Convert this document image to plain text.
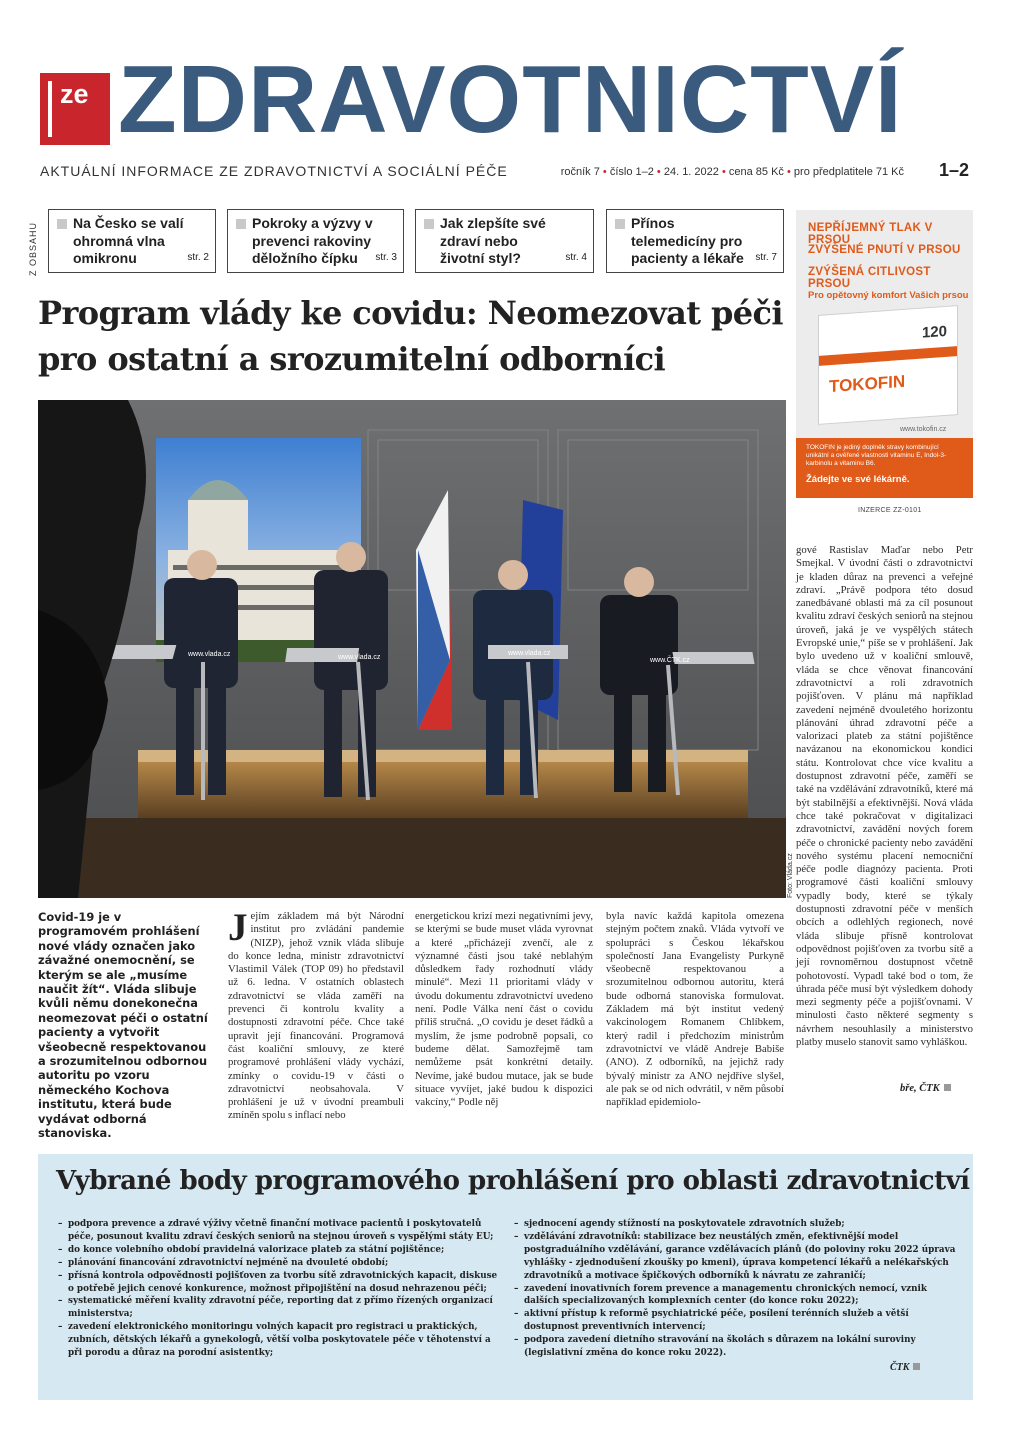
ze ZDRAVOTNICTVÍ
AKTUÁLNÍ INFORMACE ZE ZDRAVOTNICTVÍ A SOCIÁLNÍ PÉČE	ročník 7 • číslo 1–2 • 24. 1. 2022 • cena 85 Kč • pro předplatitele 71 Kč 1–2
Z OBSAHU	Na Česko se valí ohromná vlna omikronu	str. 2
Pokroky a výzvy v prevenci rakoviny děložního čípku	str. 3
Jak zlepšíte své zdraví nebo životní styl?	str. 4
Přínos telemedicíny pro pacienty a lékaře	str. 7
Program vlády ke covidu: Neomezovat péči pro ostatní a srozumitelní odborníci
NEPŘÍJEMNÝ TLAK V PRSOU
ZVÝŠENÉ PNUTÍ V PRSOU
ZVÝŠENÁ CITLIVOST PRSOU
Pro opětovný komfort Vašich prsou
120
TOKOFIN
www.tokofin.cz
TOKOFIN je jediný doplněk stravy kombinující unikátní a ověřené vlastnosti vitaminu E, Indol-3-karbinolu a vitaminu B6.
Žádejte ve své lékárně.
INZERCE ZZ-0101
www.vlada.cz	www.vlada.cz
www.vlada.cz
www.ČTK.cz
Foto: Vláda.cz
Covid-19 je v programovém prohlášení nové vlády označen jako závažné onemocnění, se kterým se ale „musíme naučit žít“. Vláda slibuje kvůli němu donekonečna neomezovat péči o ostatní pacienty a vytvořit všeobecně respektovanou a srozumitelnou odbornou autoritu po vzoru německého Kochova institutu, která bude vydávat odborná stanoviska.
Jejím základem má být Národní institut pro zvládání pandemie (NIZP), jehož vznik vláda slibuje do konce ledna, ministr zdravotnictví Vlastimil Válek (TOP 09) ho představil už 6. ledna. V ostatních oblastech zdravotnictví se vláda zaměří na prevenci či kontrolu kvality a dostupnosti zdravotní péče. Chce také upravit její financování. Programová část koaliční smlouvy, ze které programové prohlášení vlády vychází, zmínky o covidu-19 v části o zdravotnictví neobsahovala. V prohlášení je už v úvodní preambuli zmíněn spolu s inflací nebo
energetickou krizí mezi negativními jevy, se kterými se bude muset vláda vyrovnat a které „přicházejí zvenčí, ale z významné části jsou také neblahým důsledkem řady rozhodnutí vlády minulé“. Mezi 11 prioritami vlády v úvodu dokumentu zdravotnictví uvedeno není. Podle Válka není část o covidu příliš stručná. „O covidu je deset řádků a myslím, že jsme podrobně popsali, co budeme dělat. Samozřejmě tam nemůžeme psát konkrétní detaily. Nevíme, jaké budou mutace, jak se bude situace vyvíjet, jaké budou k dispozici vakcíny,“ Podle něj
byla navíc každá kapitola omezena stejným počtem znaků. Vláda vytvoří ve spolupráci s Českou lékařskou společností Jana Evangelisty Purkyně všeobecně respektovanou a srozumitelnou odbornou autoritu, která bude odborná stanoviska formulovat. Základem má být institut vedený vakcinologem Romanem Chlíbkem, který radil i předchozím ministrům zdravotnictví ve vládě Andreje Babiše (ANO). Z odborníků, na jejichž rady bývalý ministr za ANO nejdříve slyšel, ale pak se od nich odvrátil, v něm působí například epidemiolo-
gové Rastislav Maďar nebo Petr Smejkal. V úvodní části o zdravotnictví je kladen důraz na prevenci a veřejné zdraví. „Právě podpora této dosud zanedbávané oblasti má za cíl posunout kvalitu zdraví českých seniorů na stejnou úroveň, jaká je ve vyspělých státech Evropské unie,“ píše se v prohlášení. Jak bylo uvedeno už v koaliční smlouvě, vláda se chce věnovat financování zdravotnictví a roli zdravotních pojišťoven. V plánu má například zavedení nejméně dvouletého horizontu plánování úhrad zdravotní péče a valorizaci plateb za státní pojištěnce navázanou na ekonomickou kondici státu. Kontrolovat chce více kvalitu a dostupnost zdravotní péče, zaměří se také na vzdělávání zdravotníků, které má být stabilnější a efektivnější. Nová vláda chce také pokračovat v digitalizaci zdravotnictví, zavádění nových forem péče o chronické pacienty nebo zavádění nového systému placení nemocniční péče podle diagnózy pacienta. Proti programové části koaliční smlouvy vypadly body, které se týkaly dostupnosti zdravotní péče v menších obcích a odlehlých regionech, nové vláda slibuje přísně kontrolovat odpovědnost pojišťoven za tvorbu sítě a její rovnoměrnou dostupnost včetně pohotovostí. Vypadl také bod o tom, že úhrada péče musí být výsledkem dohody mezi segmenty péče a pojišťovnami. V minulosti často některé segmenty s návrhem nesouhlasily a ministerstvo platby muselo stanovit samo vyhláškou.
bře, ČTK
Vybrané body programového prohlášení pro oblasti zdravotnictví
– podpora prevence a zdravé výživy včetně finanční motivace pacientů i poskytovatelů péče, posunout kvalitu zdraví českých seniorů na stejnou úroveň s vyspělými státy EU;
– do konce volebního období pravidelná valorizace plateb za státní pojištěnce;
– plánování financování zdravotnictví nejméně na dvouleté období;
– přísná kontrola odpovědnosti pojišťoven za tvorbu sítě zdravotnických kapacit, diskuse o potřebě jejich cenové konkurence, možnost připojištění na dosud nehrazenou péči;
– systematické měření kvality zdravotní péče, reporting dat z přímo řízených organizací ministerstva;
– zavedení elektronického monitoringu volných kapacit pro registraci u praktických, zubních, dětských lékařů a gynekologů, větší volba poskytovatele péče v těhotenství a při porodu a důraz na porodní asistentky;
– sjednocení agendy stížností na poskytovatele zdravotních služeb;
– vzdělávání zdravotníků: stabilizace bez neustálých změn, efektivnější model postgraduálního vzdělávání, garance vzdělávacích plánů (do poloviny roku 2022 úprava vyhlášky - zjednodušení zkoušky po kmeni), úprava kompetencí lékařů a nelékařských zdravotníků a motivace špičkových odborníků k návratu ze zahraničí;
– zavedení inovativních forem prevence a managementu chronických nemocí, vznik dalších specializovaných komplexních center (do konce roku 2022);
– aktivní přístup k reformě psychiatrické péče, posílení terénních služeb a větší dostupnost preventivních intervencí;
– podpora zavedení dietního stravování na školách s důrazem na lokální suroviny (legislativní změna do konce roku 2022).
ČTK
